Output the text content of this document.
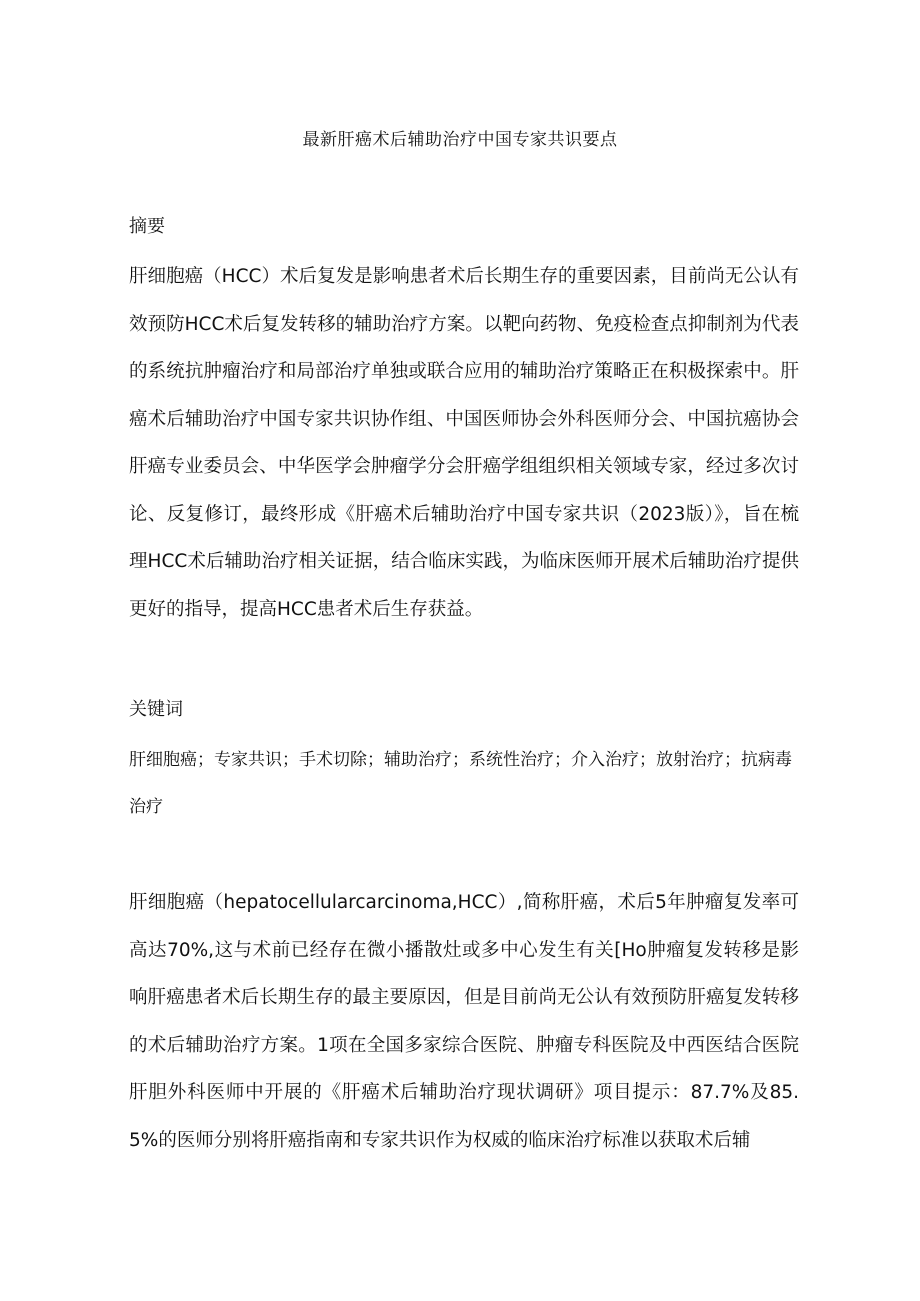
最新肝癌术后辅助治疗中国专家共识要点
摘要

肝细胞癌（HCC）术后复发是影响患者术后长期生存的重要因素，目前尚无公认有效预防HCC术后复发转移的辅助治疗方案。以靶向药物、免疫检查点抑制剂为代表的系统抗肿瘤治疗和局部治疗单独或联合应用的辅助治疗策略正在积极探索中。肝癌术后辅助治疗中国专家共识协作组、中国医师协会外科医师分会、中国抗癌协会肝癌专业委员会、中华医学会肿瘤学分会肝癌学组组织相关领域专家，经过多次讨论、反复修订，最终形成《肝癌术后辅助治疗中国专家共识（2023版）》，旨在梳理HCC术后辅助治疗相关证据，结合临床实践，为临床医师开展术后辅助治疗提供更好的指导，提高HCC患者术后生存获益。

关键词

肝细胞癌；专家共识；手术切除；辅助治疗；系统性治疗；介入治疗；放射治疗；抗病毒治疗

肝细胞癌（hepatocellularcarcinoma,HCC）,简称肝癌，术后5年肿瘤复发率可高达70%,这与术前已经存在微小播散灶或多中心发生有关[Ho肿瘤复发转移是影响肝癌患者术后长期生存的最主要原因，但是目前尚无公认有效预防肝癌复发转移的术后辅助治疗方案。1项在全国多家综合医院、肿瘤专科医院及中西医结合医院肝胆外科医师中开展的《肝癌术后辅助治疗现状调研》项目提示：87.7%及85.5%的医师分别将肝癌指南和专家共识作为权威的临床治疗标准以获取术后辅
